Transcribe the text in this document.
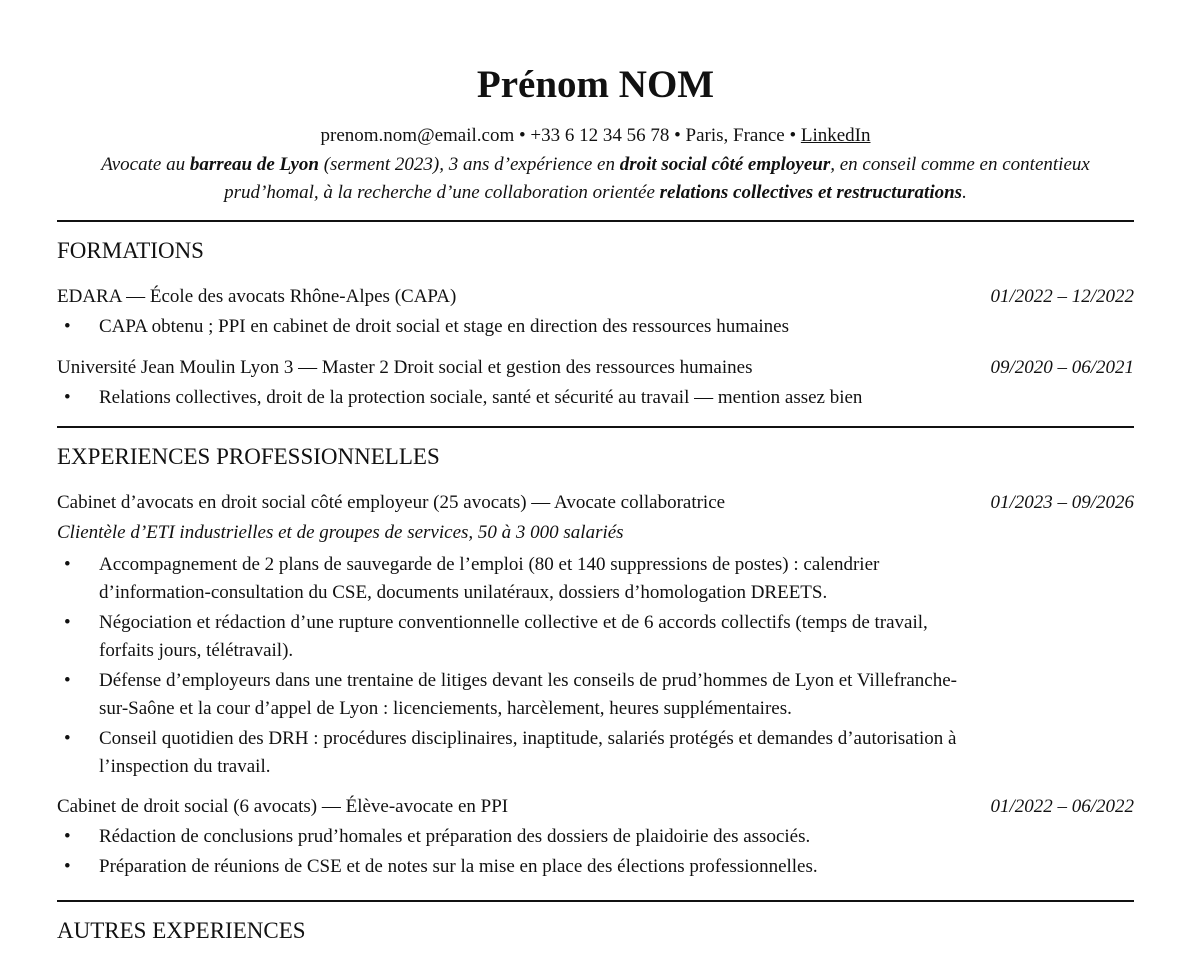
Prénom NOM
prenom.nom@email.com • +33 6 12 34 56 78 • Paris, France • LinkedIn
Avocate au barreau de Lyon (serment 2023), 3 ans d’expérience en droit social côté employeur, en conseil comme en contentieux prud’homal, à la recherche d’une collaboration orientée relations collectives et restructurations.
FORMATIONS
EDARA — École des avocats Rhône-Alpes (CAPA)	01/2022 – 12/2022
• CAPA obtenu ; PPI en cabinet de droit social et stage en direction des ressources humaines
Université Jean Moulin Lyon 3 — Master 2 Droit social et gestion des ressources humaines	09/2020 – 06/2021
• Relations collectives, droit de la protection sociale, santé et sécurité au travail — mention assez bien
EXPERIENCES PROFESSIONNELLES
Cabinet d’avocats en droit social côté employeur (25 avocats) — Avocate collaboratrice	01/2023 – 09/2026
Clientèle d’ETI industrielles et de groupes de services, 50 à 3 000 salariés
• Accompagnement de 2 plans de sauvegarde de l’emploi (80 et 140 suppressions de postes) : calendrier d’information-consultation du CSE, documents unilatéraux, dossiers d’homologation DREETS.
• Négociation et rédaction d’une rupture conventionnelle collective et de 6 accords collectifs (temps de travail, forfaits jours, télétravail).
• Défense d’employeurs dans une trentaine de litiges devant les conseils de prud’hommes de Lyon et Villefranche-sur-Saône et la cour d’appel de Lyon : licenciements, harcèlement, heures supplémentaires.
• Conseil quotidien des DRH : procédures disciplinaires, inaptitude, salariés protégés et demandes d’autorisation à l’inspection du travail.
Cabinet de droit social (6 avocats) — Élève-avocate en PPI	01/2022 – 06/2022
• Rédaction de conclusions prud’homales et préparation des dossiers de plaidoirie des associés.
• Préparation de réunions de CSE et de notes sur la mise en place des élections professionnelles.
AUTRES EXPERIENCES
